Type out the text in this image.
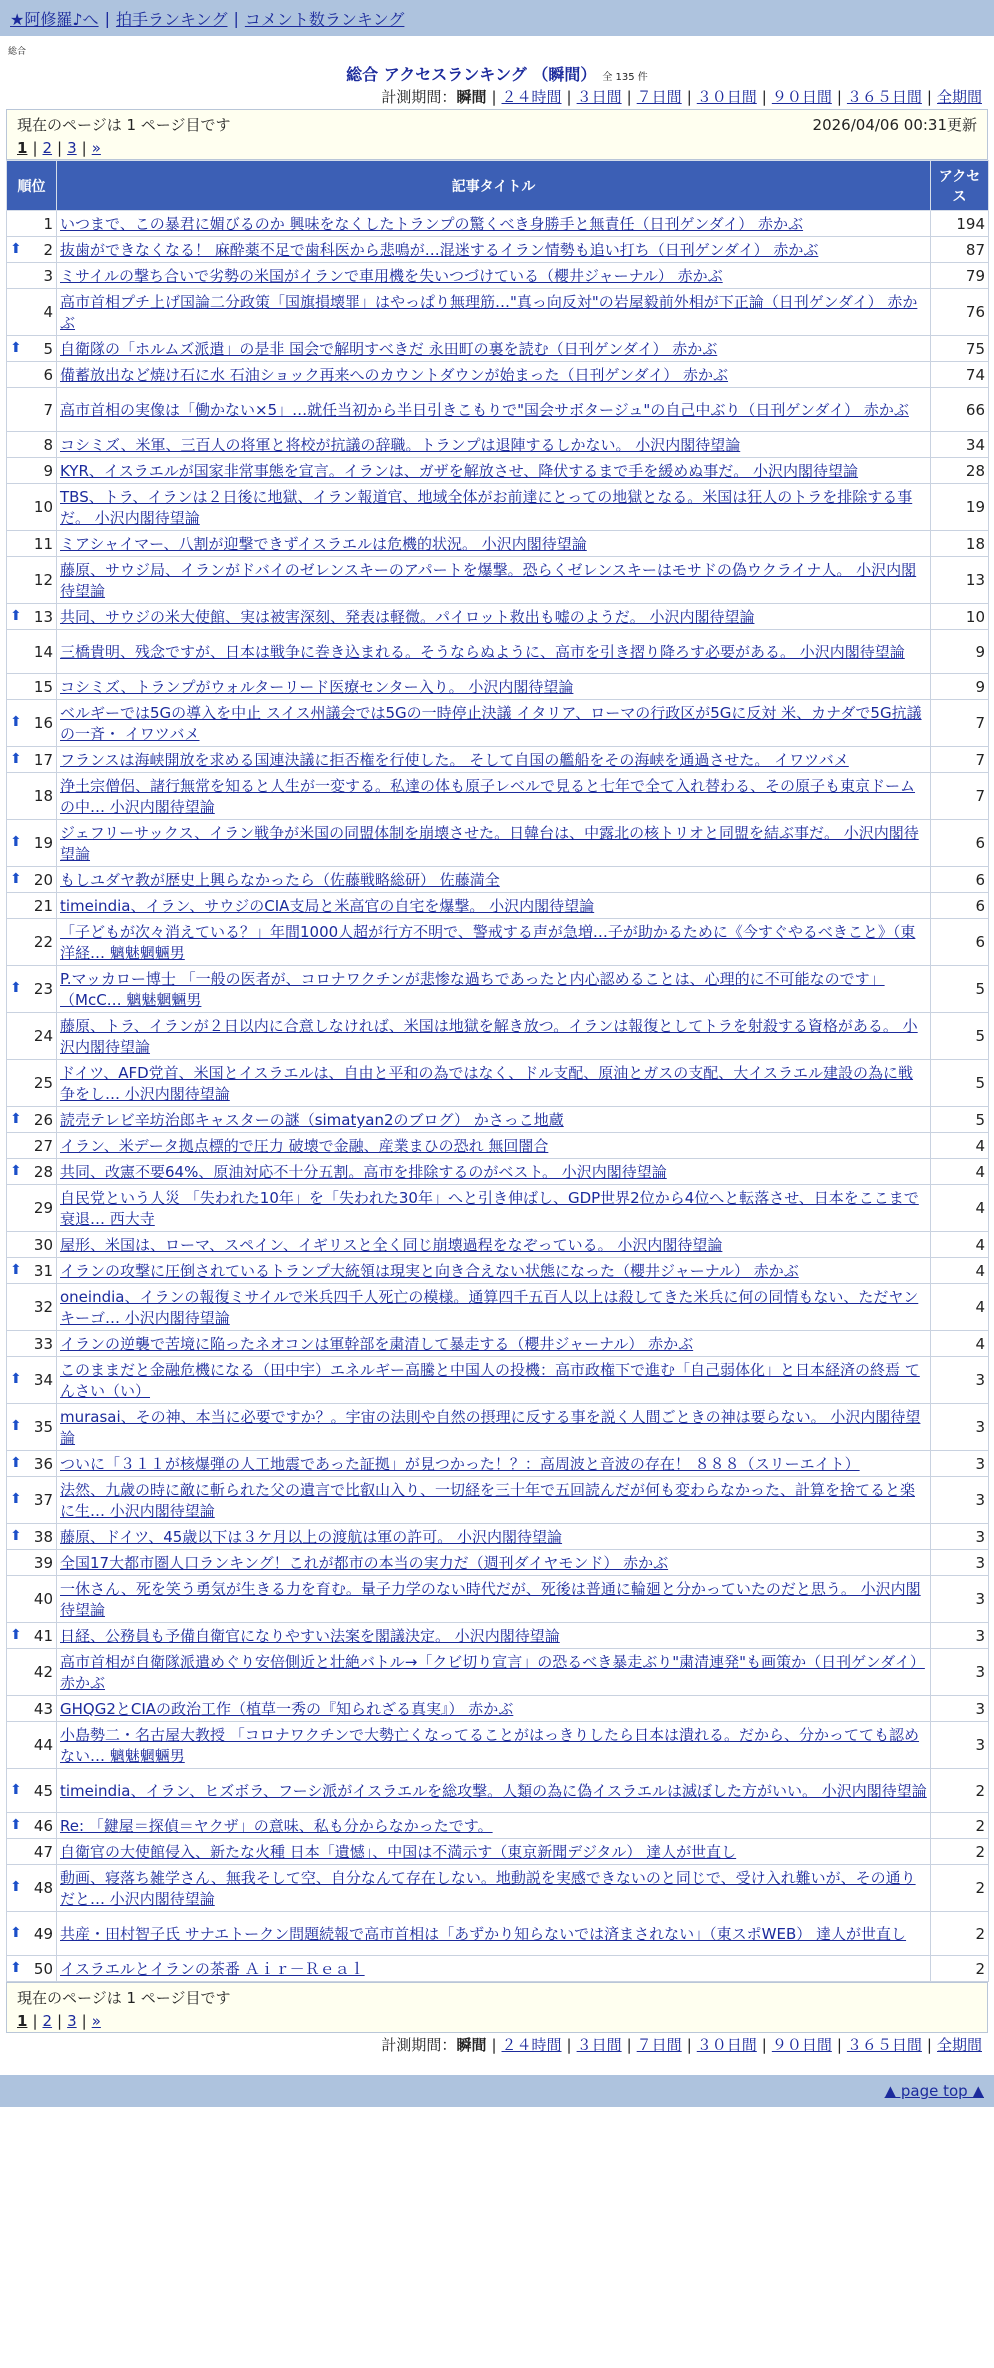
★阿修羅♪へ | 拍手ランキング | コメント数ランキング
総合
総合 アクセスランキング （瞬間） 全 135 件
計測期間：瞬間 | ２４時間 | ３日間 | ７日間 | ３０日間 | ９０日間 | ３６５日間 | 全期間
現在のページは 1 ページ目です	2026/04/06 00:31更新
1 | 2 | 3 | »
順位	記事タイトル	アクセス
1	いつまで、この暴君に媚びるのか 興味をなくしたトランプの驚くべき身勝手と無責任（日刊ゲンダイ） 赤かぶ	194

⬆ 2	抜歯ができなくなる！ 麻酔薬不足で歯科医から悲鳴が…混迷するイラン情勢も追い打ち（日刊ゲンダイ） 赤かぶ	87
3	ミサイルの撃ち合いで劣勢の米国がイランで車用機を失いつづけている（櫻井ジャーナル） 赤かぶ	79
4	高市首相プチ上げ国論二分政策「国旗損壊罪」はやっぱり無理筋…"真っ向反対"の岩屋毅前外相が下正論（日刊ゲンダイ） 赤かぶ	76

⬆ 5	自衛隊の「ホルムズ派遣」の是非 国会で解明すべきだ 永田町の裏を読む（日刊ゲンダイ） 赤かぶ	75
6	備蓄放出など焼け石に水 石油ショック再来へのカウントダウンが始まった（日刊ゲンダイ） 赤かぶ	74
7	高市首相の実像は「働かない×5」…就任当初から半日引きこもりで"国会サボタージュ"の自己中ぶり（日刊ゲンダイ） 赤かぶ	66
8	コシミズ、米軍、三百人の将軍と将校が抗議の辞職。トランプは退陣するしかない。 小沢内閣待望論	34
9	KYR、イスラエルが国家非常事態を宣言。イランは、ガザを解放させ、降伏するまで手を緩めぬ事だ。 小沢内閣待望論	28
10	TBS、トラ、イランは２日後に地獄、イラン報道官、地域全体がお前達にとっての地獄となる。米国は狂人のトラを排除する事だ。 小沢内閣待望論	19
11	ミアシャイマー、八割が迎撃できずイスラエルは危機的状況。 小沢内閣待望論	18
12	藤原、サウジ局、イランがドバイのゼレンスキーのアパートを爆撃。恐らくゼレンスキーはモサドの偽ウクライナ人。 小沢内閣待望論	13

⬆ 13	共同、サウジの米大使館、実は被害深刻、発表は軽微。パイロット救出も嘘のようだ。 小沢内閣待望論	10
14	三橋貴明、残念ですが、日本は戦争に巻き込まれる。そうならぬように、高市を引き摺り降ろす必要がある。 小沢内閣待望論	9
15	コシミズ、トランプがウォルターリード医療センター入り。 小沢内閣待望論	9

⬆ 16	ベルギーでは5Gの導入を中止 スイス州議会では5Gの一時停止決議 イタリア、ローマの行政区が5Gに反対 米、カナダで5G抗議の一斉・ イワツバメ	7

⬆ 17	フランスは海峡開放を求める国連決議に拒否権を行使した。 そして自国の艦船をその海峡を通過させた。 イワツバメ	7
18	浄土宗僧侶、諸行無常を知ると人生が一変する。私達の体も原子レベルで見ると七年で全て入れ替わる、その原子も東京ドームの中… 小沢内閣待望論	7

⬆ 19	ジェフリーサックス、イラン戦争が米国の同盟体制を崩壊させた。日韓台は、中露北の核トリオと同盟を結ぶ事だ。 小沢内閣待望論	6

⬆ 20	もしユダヤ教が歴史上興らなかったら（佐藤戦略総研） 佐藤満全	6
21	timeindia、イラン、サウジのCIA支局と米高官の自宅を爆撃。 小沢内閣待望論	6
22	「子どもが次々消えている？」年間1000人超が行方不明で、警戒する声が急増…子が助かるために《今すぐやるべきこと》（東洋経… 魑魅魍魎男	6

⬆ 23	P.マッカロー博士 「一般の医者が、コロナワクチンが悲惨な過ちであったと内心認めることは、心理的に不可能なのです」（McC… 魑魅魍魎男	5
24	藤原、トラ、イランが２日以内に合意しなければ、米国は地獄を解き放つ。イランは報復としてトラを射殺する資格がある。 小沢内閣待望論	5
25	ドイツ、AFD党首、米国とイスラエルは、自由と平和の為ではなく、ドル支配、原油とガスの支配、大イスラエル建設の為に戦争をし… 小沢内閣待望論	5

⬆ 26	読売テレビ辛坊治郎キャスターの謎（simatyan2のブログ） かさっこ地蔵	5
27	イラン、米データ拠点標的で圧力 破壊で金融、産業まひの恐れ 無回闇合	4

⬆ 28	共同、改憲不要64%、原油対応不十分五割。高市を排除するのがベスト。 小沢内閣待望論	4
29	自民党という人災 「失われた10年」を「失われた30年」へと引き伸ばし、GDP世界2位から4位へと転落させ、日本をここまで衰退… 西大寺	4
30	屋形、米国は、ローマ、スペイン、イギリスと全く同じ崩壊過程をなぞっている。 小沢内閣待望論	4

⬆ 31	イランの攻撃に圧倒されているトランプ大統領は現実と向き合えない状態になった（櫻井ジャーナル） 赤かぶ	4
32	oneindia、イランの報復ミサイルで米兵四千人死亡の模様。通算四千五百人以上は殺してきた米兵に何の同情もない、ただヤンキーゴ… 小沢内閣待望論	4
33	イランの逆襲で苦境に陥ったネオコンは軍幹部を粛清して暴走する（櫻井ジャーナル） 赤かぶ	4

⬆ 34	このままだと金融危機になる（田中宇）エネルギー高騰と中国人の投機：高市政権下で進む「自己弱体化」と日本経済の終焉 てんさい（い）	3

⬆ 35	murasai、その神、本当に必要ですか？。宇宙の法則や自然の摂理に反する事を説く人間ごときの神は要らない。 小沢内閣待望論	3

⬆ 36	ついに「３１１が核爆弾の人工地震であった証拠」が見つかった！？：高周波と音波の存在！ ８８８（スリーエイト）	3

⬆ 37	法然、九歳の時に敵に斬られた父の遺言で比叡山入り、一切経を三十年で五回読んだが何も変わらなかった、計算を捨てると楽に生… 小沢内閣待望論	3

⬆ 38	藤原、ドイツ、45歳以下は３ケ月以上の渡航は軍の許可。 小沢内閣待望論	3
39	全国17大都市圏人口ランキング！これが都市の本当の実力だ（週刊ダイヤモンド） 赤かぶ	3
40	一休さん、死を笑う勇気が生きる力を育む。量子力学のない時代だが、死後は普通に輪廻と分かっていたのだと思う。 小沢内閣待望論	3

⬆ 41	日経、公務員も予備自衛官になりやすい法案を閣議決定。 小沢内閣待望論	3
42	高市首相が自衛隊派遣めぐり安倍側近と壮絶バトル→「クビ切り宣言」の恐るべき暴走ぶり"粛清連発"も画策か（日刊ゲンダイ） 赤かぶ	3
43	GHQG2とCIAの政治工作（植草一秀の『知られざる真実』） 赤かぶ	3
44	小島勢二・名古屋大教授 「コロナワクチンで大勢亡くなってることがはっきりしたら日本は潰れる。だから、分かってても認めない… 魑魅魍魎男	3

⬆ 45	timeindia、イラン、ヒズボラ、フーシ派がイスラエルを総攻撃。人類の為に偽イスラエルは滅ぼした方がいい。 小沢内閣待望論	2

⬆ 46	Re: 「鍵屋＝探偵＝ヤクザ」の意味、私も分からなかったです。	2
47	自衛官の大使館侵入、新たな火種 日本「遺憾」、中国は不満示す（東京新聞デジタル） 達人が世直し	2

⬆ 48	動画、寝落ち雑学さん、無我そして空、自分なんて存在しない。地動説を実感できないのと同じで、受け入れ難いが、その通りだと… 小沢内閣待望論	2

⬆ 49	共産・田村智子氏 サナエトークン問題続報で高市首相は「あずかり知らないでは済まされない」（東スポWEB） 達人が世直し	2

⬆ 50	イスラエルとイランの茶番 Ａｉｒ－Ｒｅａｌ	2
現在のページは 1 ページ目です
1 | 2 | 3 | »
計測期間：瞬間 | ２４時間 | ３日間 | ７日間 | ３０日間 | ９０日間 | ３６５日間 | 全期間
▲ page top ▲
